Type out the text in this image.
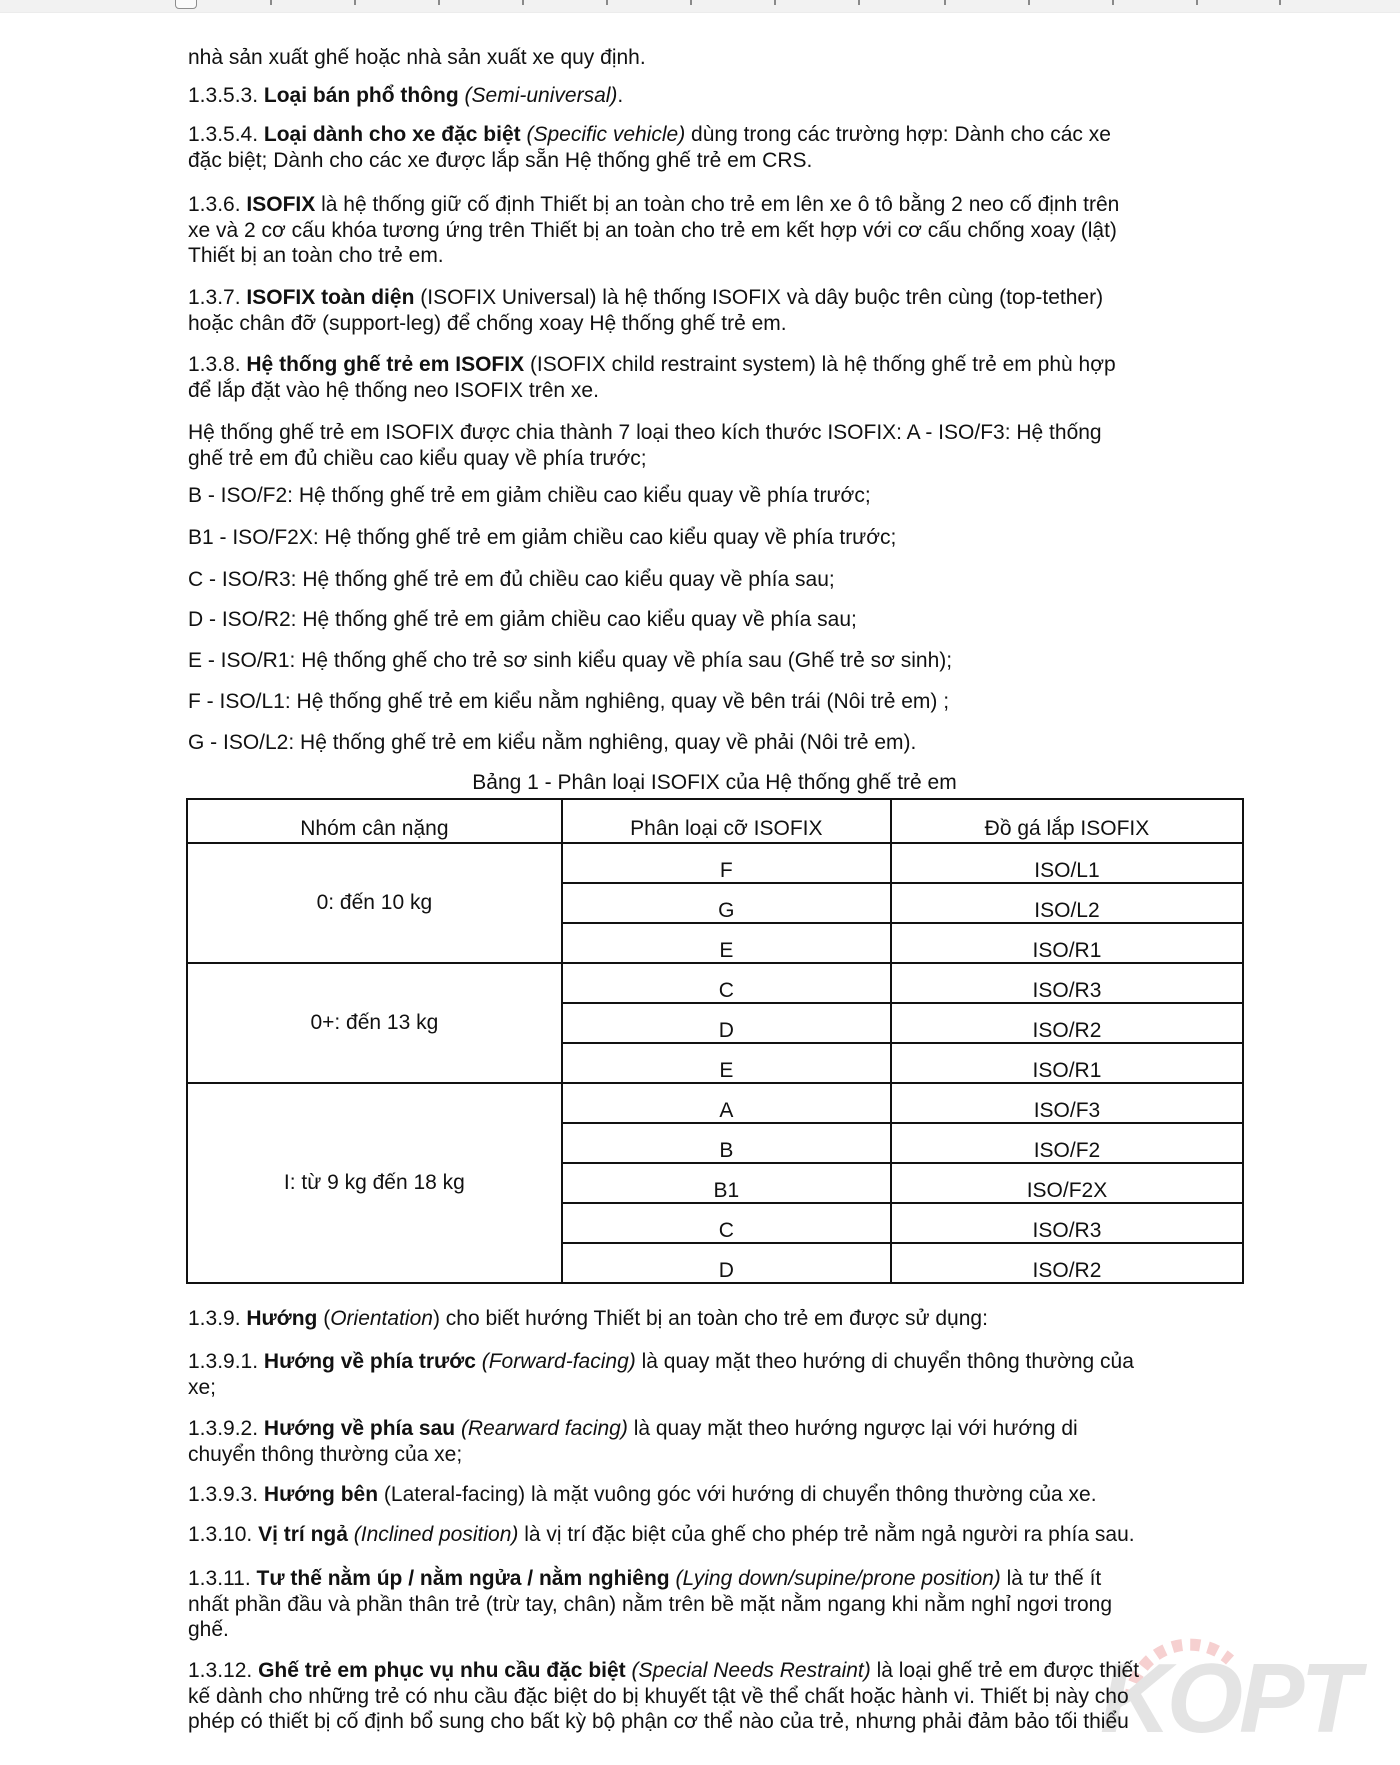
nhà sản xuất ghế hoặc nhà sản xuất xe quy định.
1.3.5.3. Loại bán phổ thông (Semi-universal).
1.3.5.4. Loại dành cho xe đặc biệt (Specific vehicle) dùng trong các trường hợp: Dành cho các xe
đặc biệt; Dành cho các xe được lắp sẵn Hệ thống ghế trẻ em CRS.
1.3.6. ISOFIX là hệ thống giữ cố định Thiết bị an toàn cho trẻ em lên xe ô tô bằng 2 neo cố định trên
xe và 2 cơ cấu khóa tương ứng trên Thiết bị an toàn cho trẻ em kết hợp với cơ cấu chống xoay (lật)
Thiết bị an toàn cho trẻ em.
1.3.7. ISOFIX toàn diện (ISOFIX Universal) là hệ thống ISOFIX và dây buộc trên cùng (top-tether)
hoặc chân đỡ (support-leg) để chống xoay Hệ thống ghế trẻ em.
1.3.8. Hệ thống ghế trẻ em ISOFIX (ISOFIX child restraint system) là hệ thống ghế trẻ em phù hợp
để lắp đặt vào hệ thống neo ISOFIX trên xe.
Hệ thống ghế trẻ em ISOFIX được chia thành 7 loại theo kích thước ISOFIX: A - ISO/F3: Hệ thống
ghế trẻ em đủ chiều cao kiểu quay về phía trước;
B - ISO/F2: Hệ thống ghế trẻ em giảm chiều cao kiểu quay về phía trước;
B1 - ISO/F2X: Hệ thống ghế trẻ em giảm chiều cao kiểu quay về phía trước;
C - ISO/R3: Hệ thống ghế trẻ em đủ chiều cao kiểu quay về phía sau;
D - ISO/R2: Hệ thống ghế trẻ em giảm chiều cao kiểu quay về phía sau;
E - ISO/R1: Hệ thống ghế cho trẻ sơ sinh kiểu quay về phía sau (Ghế trẻ sơ sinh);
F - ISO/L1: Hệ thống ghế trẻ em kiểu nằm nghiêng, quay về bên trái (Nôi trẻ em) ;
G - ISO/L2: Hệ thống ghế trẻ em kiểu nằm nghiêng, quay về phải (Nôi trẻ em).
Bảng 1 - Phân loại ISOFIX của Hệ thống ghế trẻ em
Nhóm cân nặng	Phân loại cỡ ISOFIX	Đồ gá lắp ISOFIX
0: đến 10 kg	F	ISO/L1
	G	ISO/L2
	E	ISO/R1
0+: đến 13 kg	C	ISO/R3
	D	ISO/R2
	E	ISO/R1
I: từ 9 kg đến 18 kg	A	ISO/F3
	B	ISO/F2
	B1	ISO/F2X
	C	ISO/R3
	D	ISO/R2
1.3.9. Hướng (Orientation) cho biết hướng Thiết bị an toàn cho trẻ em được sử dụng:
1.3.9.1. Hướng về phía trước (Forward-facing) là quay mặt theo hướng di chuyển thông thường của
xe;
1.3.9.2. Hướng về phía sau (Rearward facing) là quay mặt theo hướng ngược lại với hướng di
chuyển thông thường của xe;
1.3.9.3. Hướng bên (Lateral-facing) là mặt vuông góc với hướng di chuyển thông thường của xe.
1.3.10. Vị trí ngả (Inclined position) là vị trí đặc biệt của ghế cho phép trẻ nằm ngả người ra phía sau.
1.3.11. Tư thế nằm úp / nằm ngửa / nằm nghiêng (Lying down/supine/prone position) là tư thế ít
nhất phần đầu và phần thân trẻ (trừ tay, chân) nằm trên bề mặt nằm ngang khi nằm nghỉ ngơi trong
ghế.
KOPT
1.3.12. Ghế trẻ em phục vụ nhu cầu đặc biệt (Special Needs Restraint) là loại ghế trẻ em được thiết
kế dành cho những trẻ có nhu cầu đặc biệt do bị khuyết tật về thể chất hoặc hành vi. Thiết bị này cho
phép có thiết bị cố định bổ sung cho bất kỳ bộ phận cơ thể nào của trẻ, nhưng phải đảm bảo tối thiểu
